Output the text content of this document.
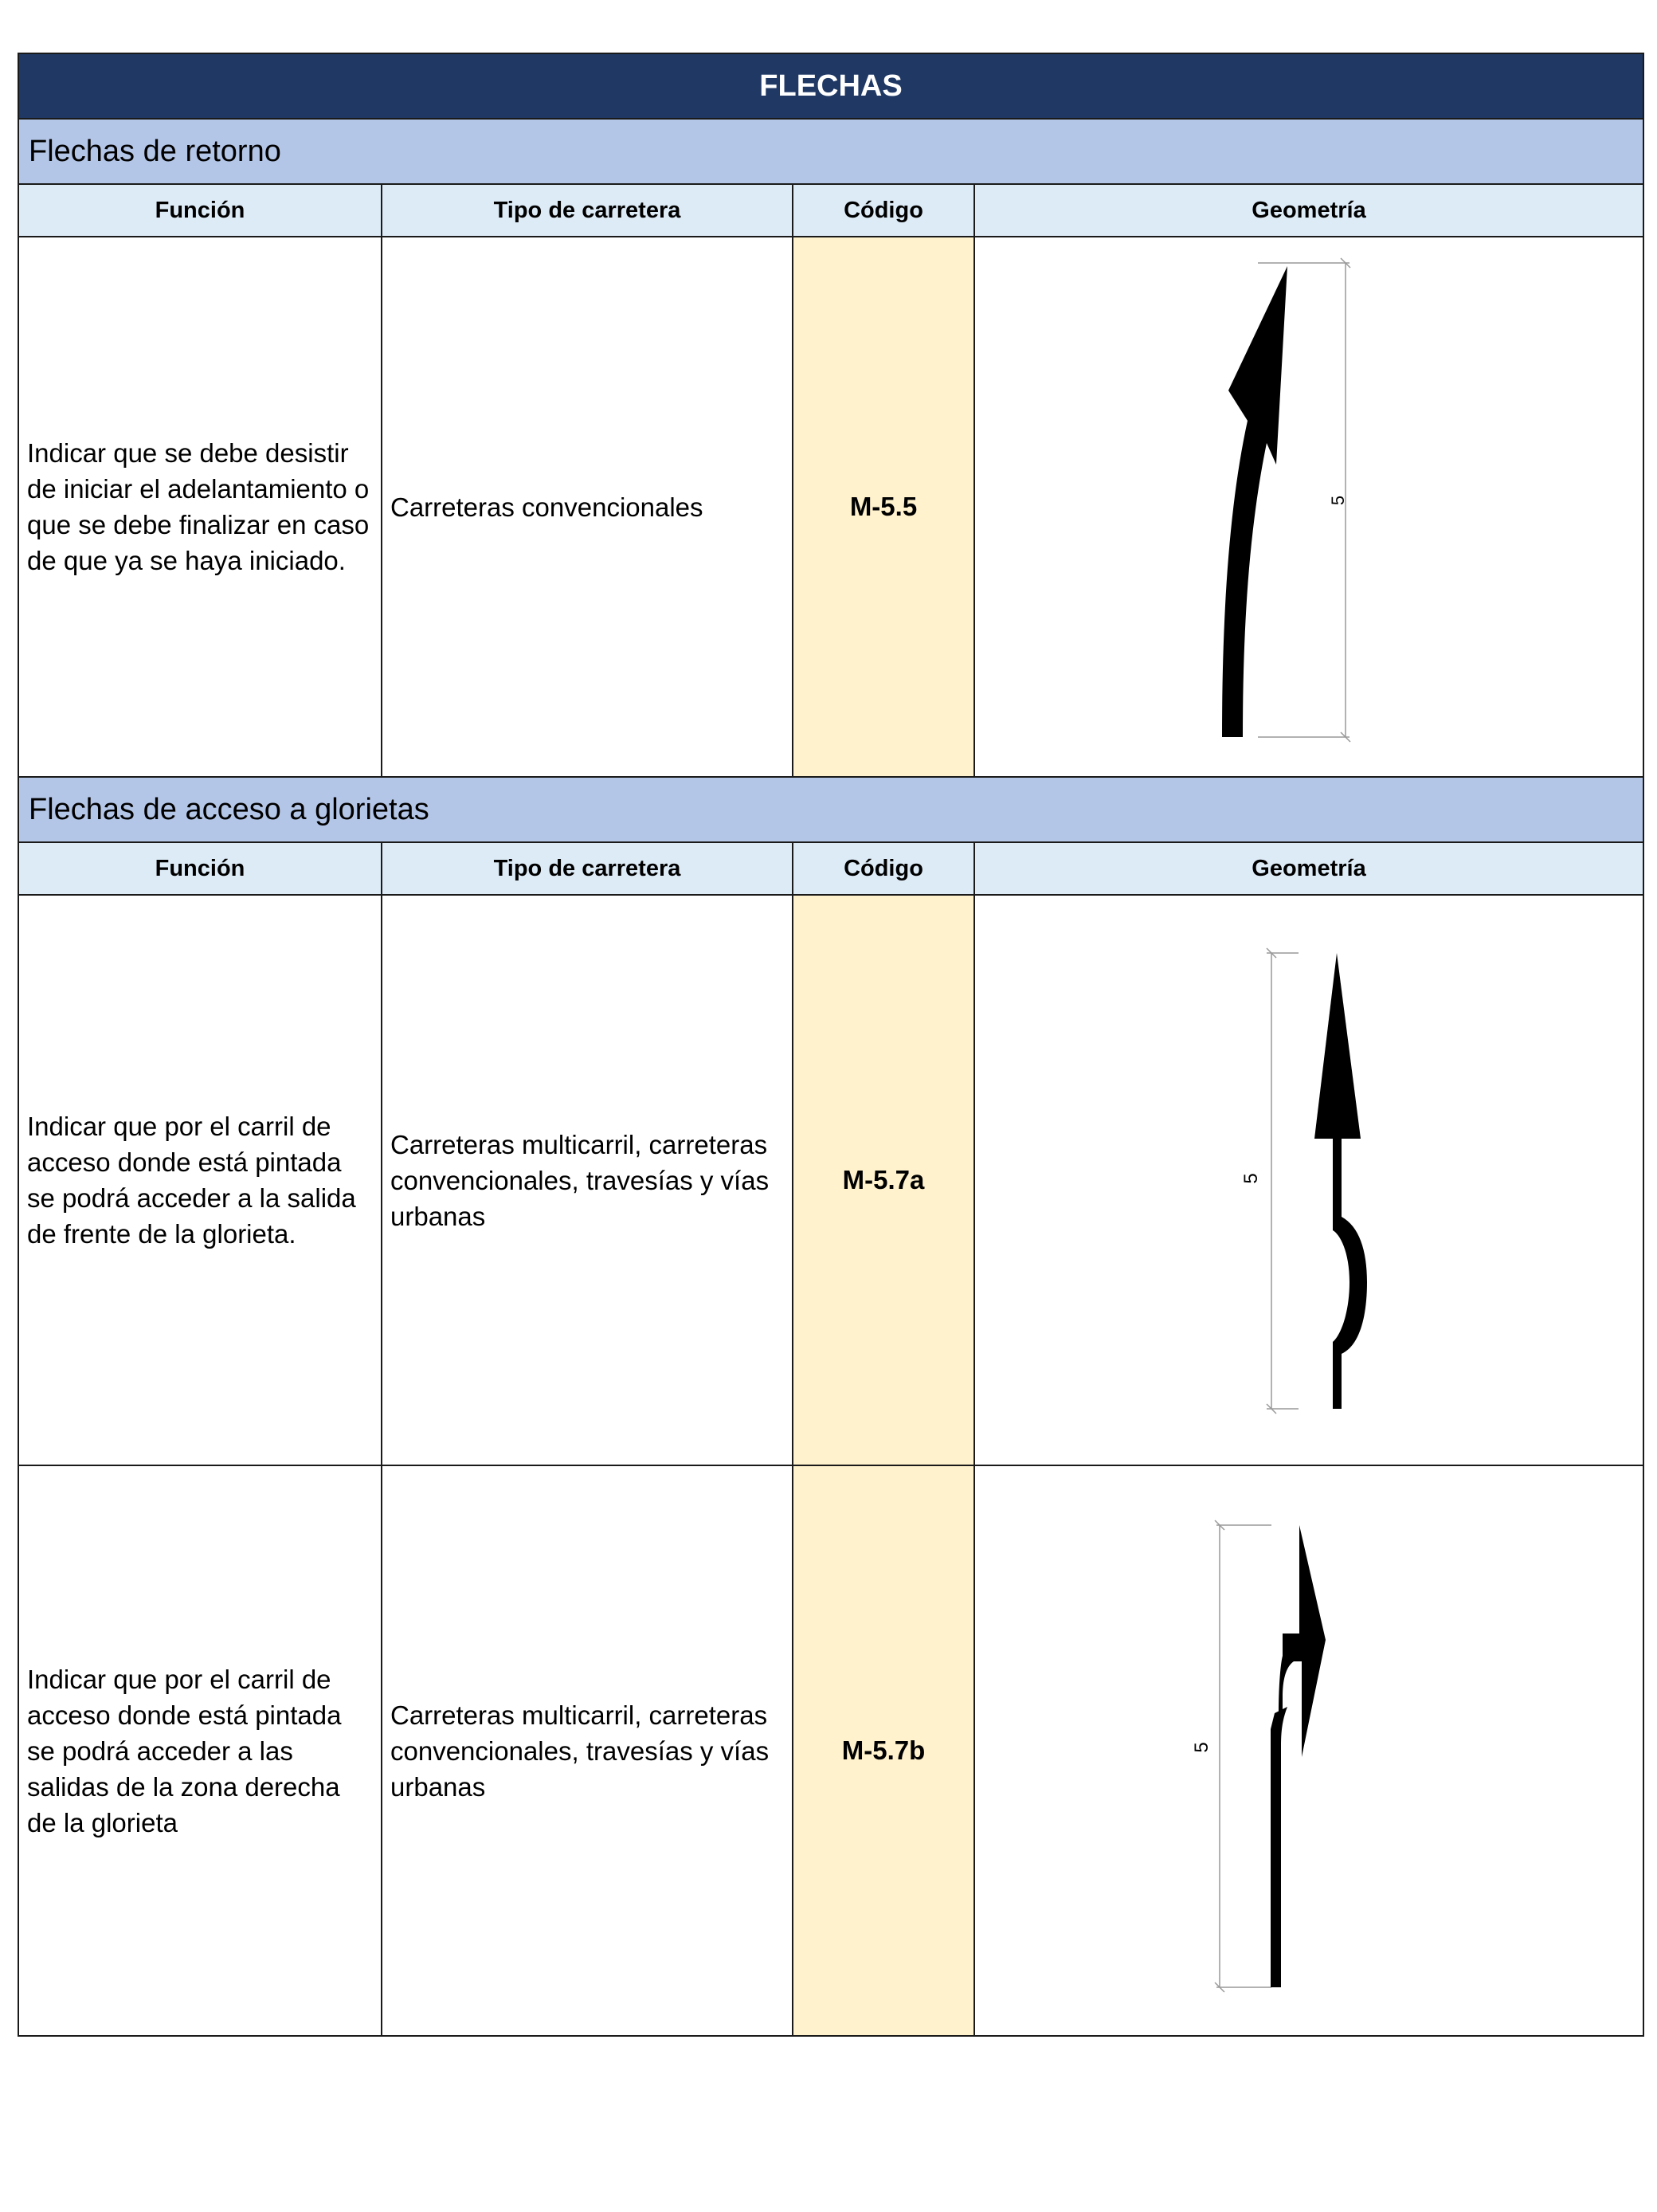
FLECHAS			
Flechas de retorno			
Función	Tipo de carretera	Código	Geometría
Indicar que se debe desistir de iniciar el adelantamiento o que se debe finalizar en caso de que ya se haya iniciado.	Carreteras convencionales	M-5.5	5

Flechas de acceso a glorietas			
Función	Tipo de carretera	Código	Geometría
Indicar que por el carril de acceso donde está pintada se podrá acceder a la salida de frente de la glorieta.	Carreteras multicarril, carreteras convencionales, travesías y vías urbanas	M-5.7a	5

Indicar que por el carril de acceso donde está pintada se podrá acceder a las salidas de la zona derecha de la glorieta	Carreteras multicarril, carreteras convencionales, travesías y vías urbanas	M-5.7b	5
